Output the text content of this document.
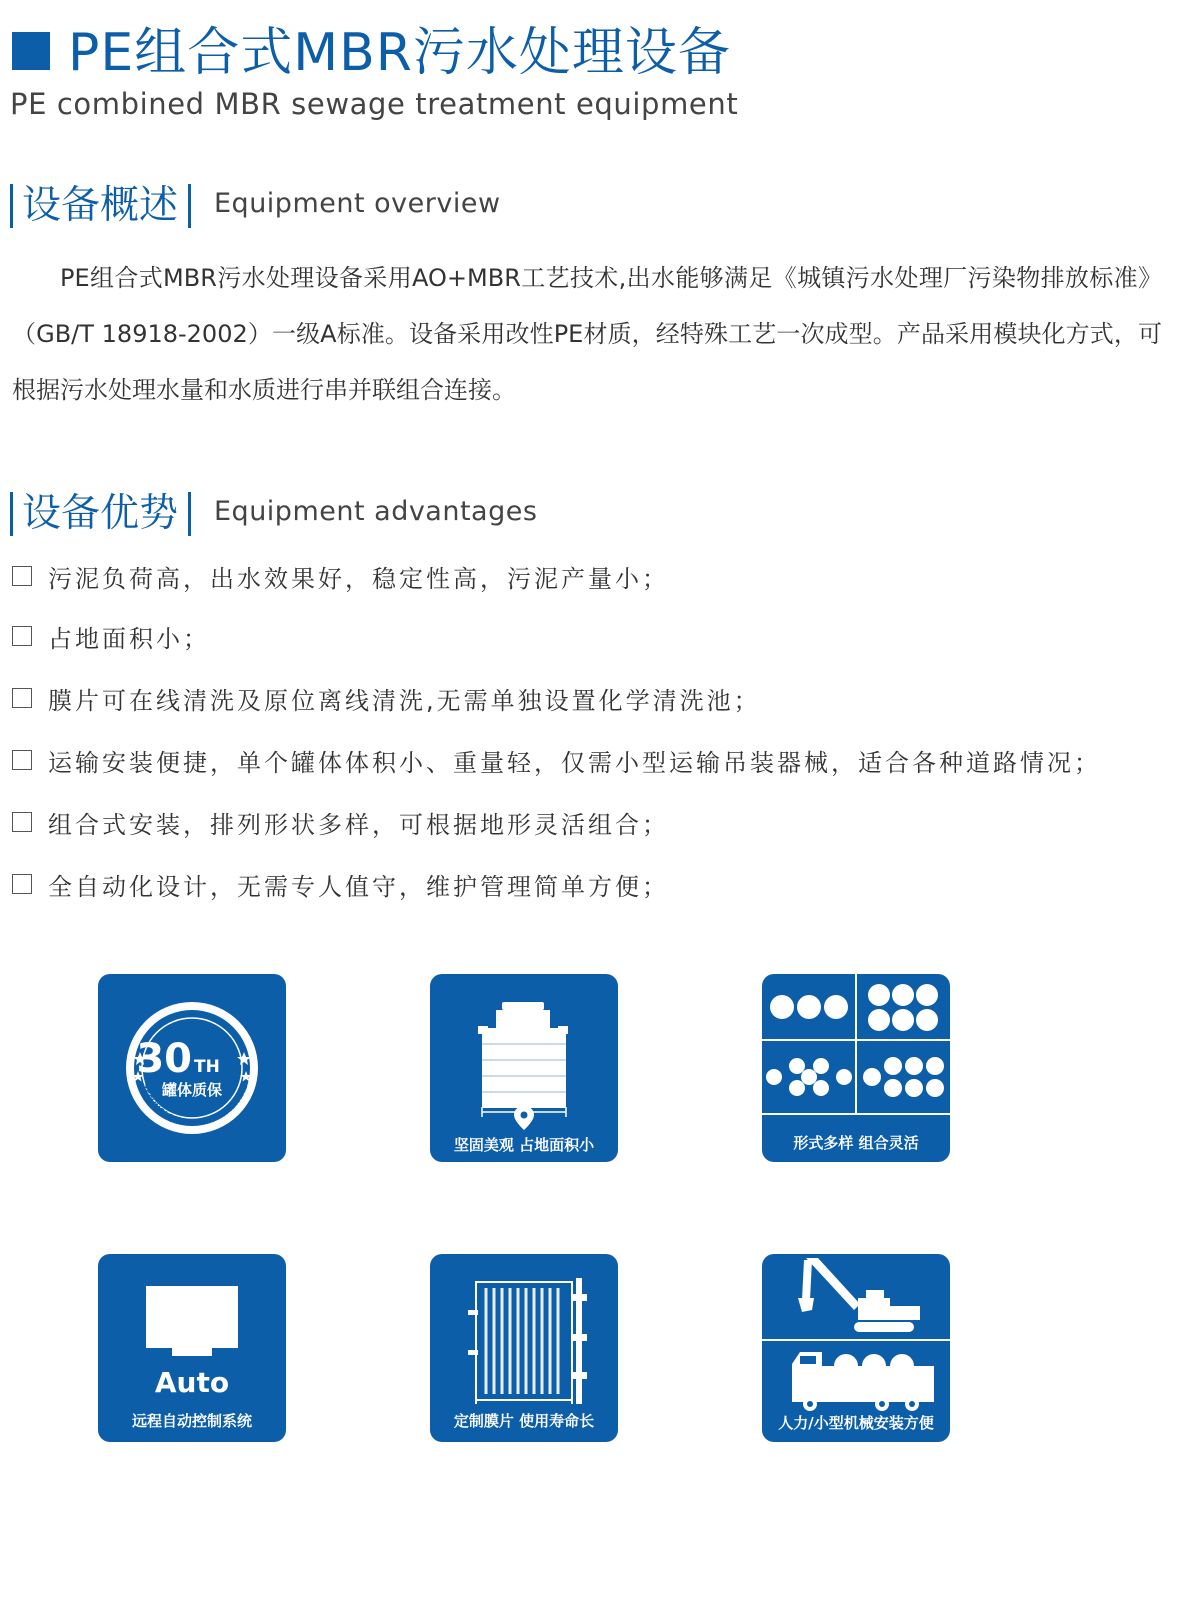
PE组合式MBR污水处理设备
PE combined MBR sewage treatment equipment
设备概述 Equipment overview
PE组合式MBR污水处理设备采用AO+MBR工艺技术,出水能够满足《城镇污水处理厂污染物排放标准》（GB/T 18918-2002）一级A标准。设备采用改性PE材质，经特殊工艺一次成型。产品采用模块化方式，可根据污水处理水量和水质进行串并联组合连接。
设备优势 Equipment advantages
污泥负荷高，出水效果好，稳定性高，污泥产量小；
占地面积小；
膜片可在线清洗及原位离线清洗,无需单独设置化学清洗池；
运输安装便捷，单个罐体体积小、重量轻，仅需小型运输吊装器械，适合各种道路情况；
组合式安装，排列形状多样，可根据地形灵活组合；
全自动化设计，无需专人值守，维护管理简单方便；
30 TH
罐体质保
TECHNOLOGY ENVIRONMENTAL
坚固美观 占地面积小	形式多样 组合灵活
Auto
远程自动控制系统	定制膜片 使用寿命长	人力/小型机械安装方便
